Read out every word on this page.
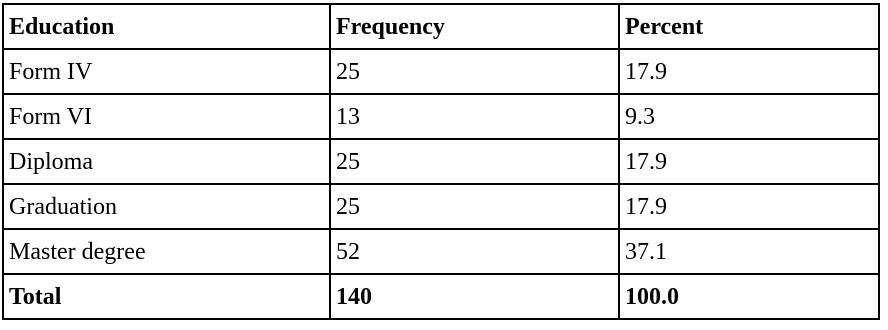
Education	Frequency	Percent
Form IV	25	17.9
Form VI	13	9.3
Diploma	25	17.9
Graduation	25	17.9
Master degree	52	37.1
Total	140	100.0
